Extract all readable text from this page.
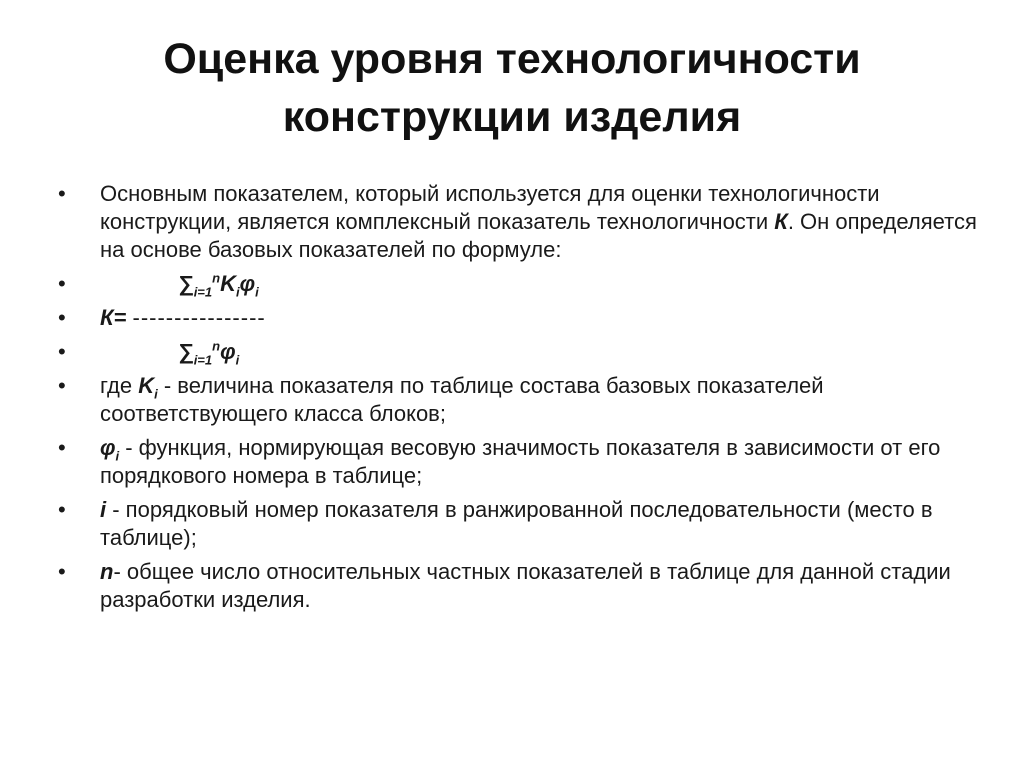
Оценка уровня технологичности
конструкции изделия
•	Основным показателем, который используется для оценки технологичности конструкции, является комплексный показатель технологичности К. Он определяется на основе базовых показателей по формуле:
•	$\sum_{i=1}^nK_i\varphi_i$
•	К= ----------------
•	$\sum_{i=1}^n\varphi_i$
•	где $K_i$ - величина показателя по таблице состава базовых показателей соответствующего класса блоков;
•	$\varphi_i$ - функция, нормирующая весовую значимость показателя в зависимости от его порядкового номера в таблице;
•	i - порядковый номер показателя в ранжированной последовательности (место в таблице);
•	n- общее число относительных частных показателей в таблице для данной стадии разработки изделия.
